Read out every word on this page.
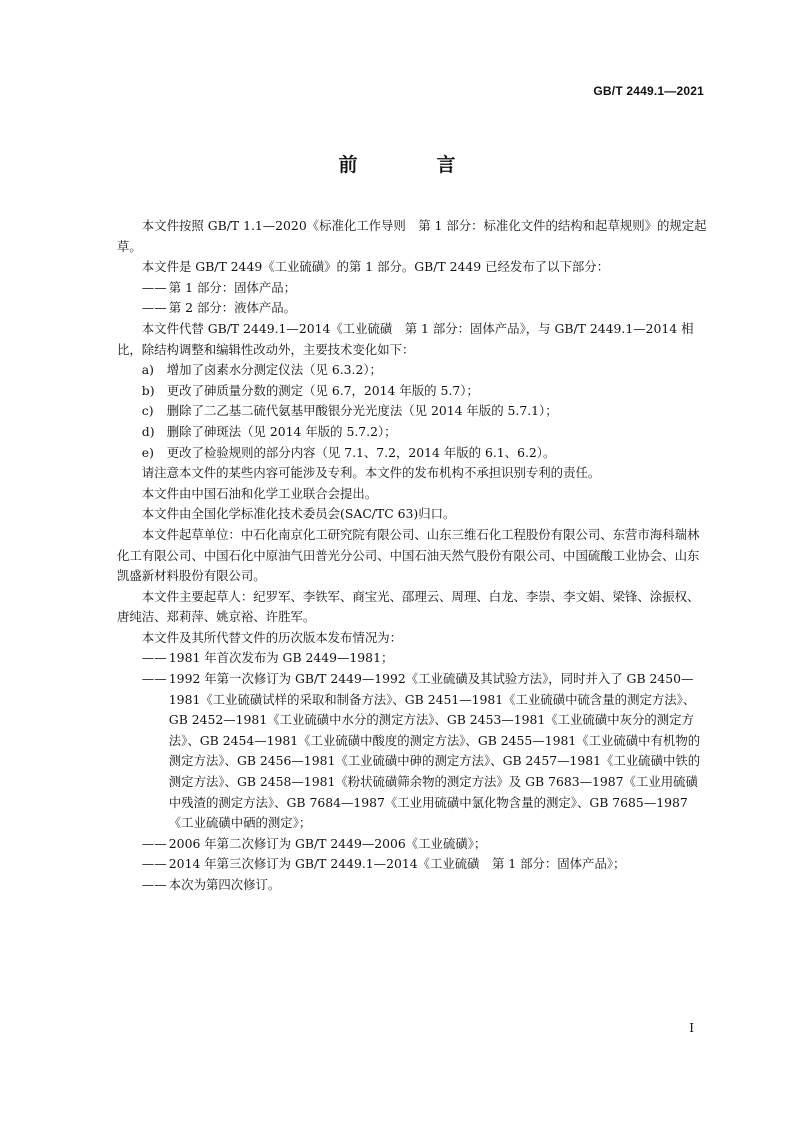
GB/T 2449.1—2021
前　言

本文件按照 GB/T 1.1—2020《标准化工作导则　第 1 部分：标准化文件的结构和起草规则》的规定起草。

本文件是 GB/T 2449《工业硫磺》的第 1 部分。GB/T 2449 已经发布了以下部分：

—— 第 1 部分：固体产品；
—— 第 2 部分：液体产品。

本文件代替 GB/T 2449.1—2014《工业硫磺　第 1 部分：固体产品》，与 GB/T 2449.1—2014 相比，除结构调整和编辑性改动外，主要技术变化如下：

a)	增加了卤素水分测定仪法（见 6.3.2）；
b) 更改了砷质量分数的测定（见 6.7，2014 年版的 5.7）；
c)	删除了二乙基二硫代氨基甲酸银分光光度法（见 2014 年版的 5.7.1）；
d) 删除了砷斑法（见 2014 年版的 5.7.2）；
e)	更改了检验规则的部分内容（见 7.1、7.2，2014 年版的 6.1、6.2）。

请注意本文件的某些内容可能涉及专利。本文件的发布机构不承担识别专利的责任。

本文件由中国石油和化学工业联合会提出。

本文件由全国化学标准化技术委员会(SAC/TC 63)归口。

本文件起草单位：中石化南京化工研究院有限公司、山东三维石化工程股份有限公司、东营市海科瑞林化工有限公司、中国石化中原油气田普光分公司、中国石油天然气股份有限公司、中国硫酸工业协会、山东凯盛新材料股份有限公司。

本文件主要起草人：纪罗军、李铁军、商宝光、邵理云、周理、白龙、李崇、李文娟、梁锋、涂振权、唐纯洁、郑莉萍、姚京裕、许胜军。

本文件及其所代替文件的历次版本发布情况为：

—— 1981 年首次发布为 GB 2449—1981；
—— 1992 年第一次修订为 GB/T 2449—1992《工业硫磺及其试验方法》，同时并入了 GB 2450—1981《工业硫磺试样的采取和制备方法》、GB 2451—1981《工业硫磺中硫含量的测定方法》、GB 2452—1981《工业硫磺中水分的测定方法》、GB 2453—1981《工业硫磺中灰分的测定方法》、GB 2454—1981《工业硫磺中酸度的测定方法》、GB 2455—1981《工业硫磺中有机物的测定方法》、GB 2456—1981《工业硫磺中砷的测定方法》、GB 2457—1981《工业硫磺中铁的测定方法》、GB 2458—1981《粉状硫磺筛余物的测定方法》及 GB 7683—1987《工业用硫磺中残渣的测定方法》、GB 7684—1987《工业用硫磺中氯化物含量的测定》、GB 7685—1987《工业硫磺中硒的测定》；
—— 2006 年第二次修订为 GB/T 2449—2006《工业硫磺》；
—— 2014 年第三次修订为 GB/T 2449.1—2014《工业硫磺　第 1 部分：固体产品》；
—— 本次为第四次修订。
I
